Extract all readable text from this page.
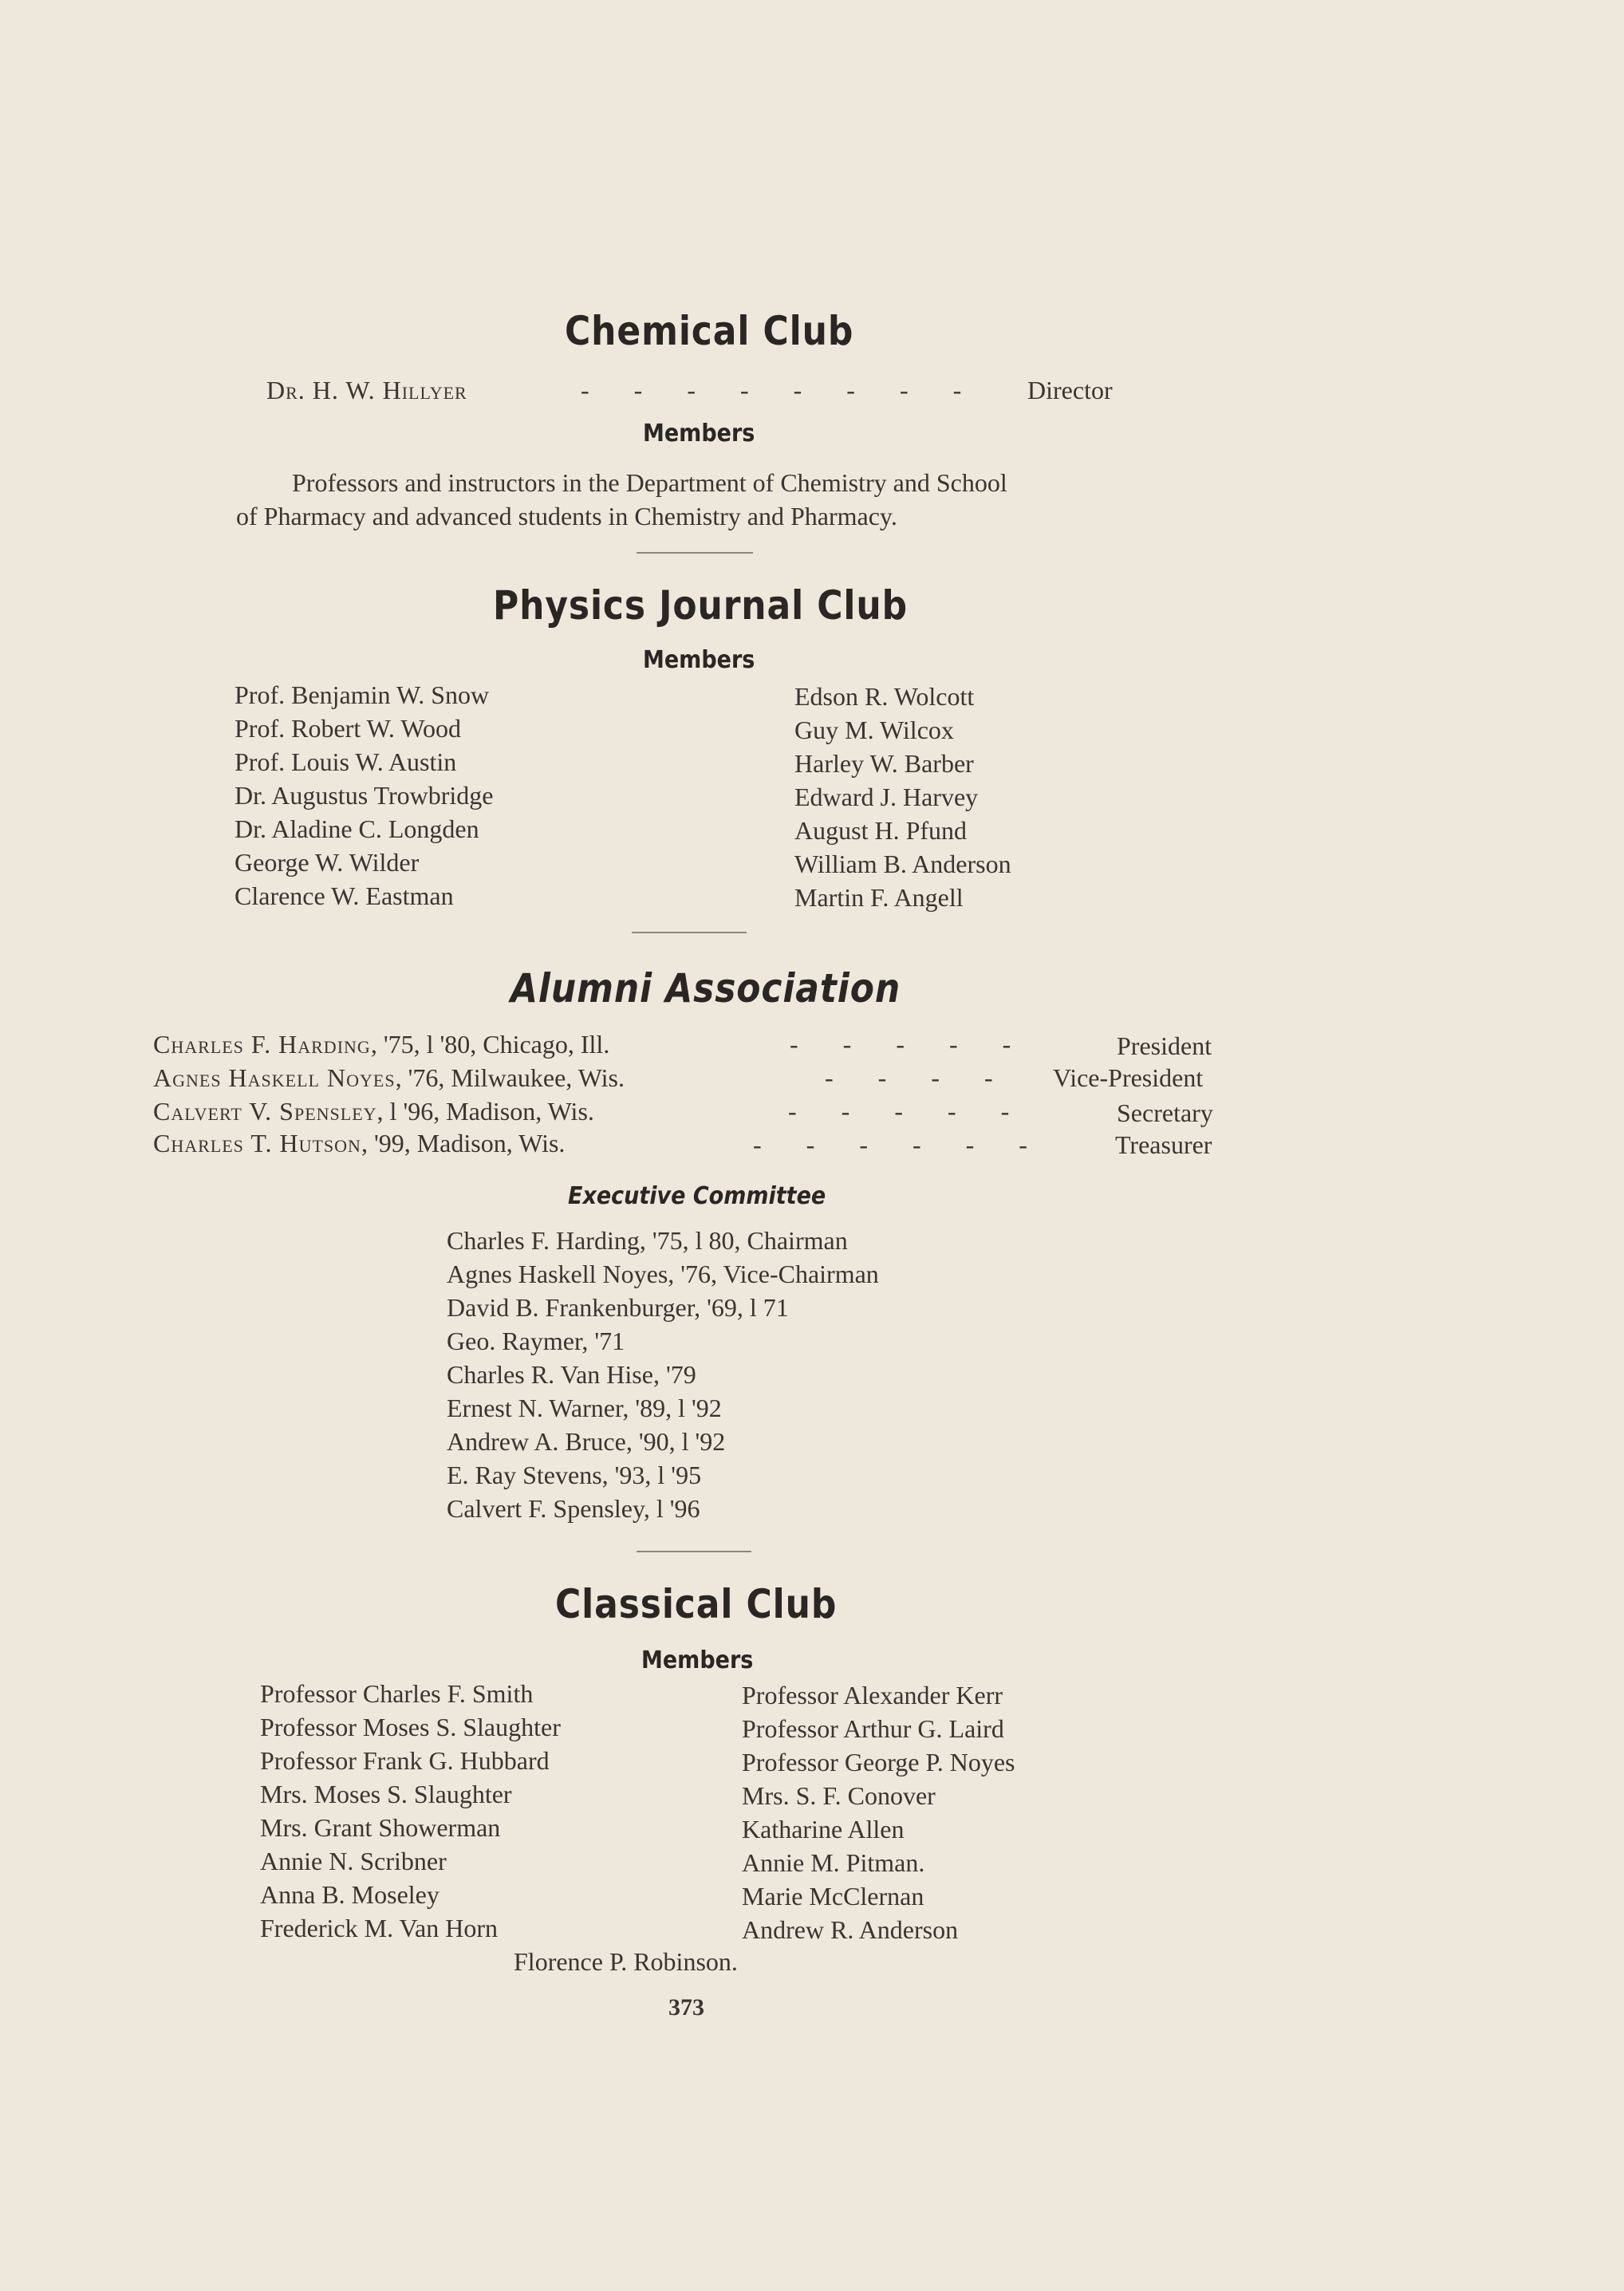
Chemical Club
Dr. H. W. Hillyer	-       -       -       -       -       -       -       -	Director
Members
Professors and instructors in the Department of Chemistry and School
of Pharmacy and advanced students in Chemistry and Pharmacy.
Physics Journal Club
Members
Prof. Benjamin W. Snow
Prof. Robert W. Wood
Prof. Louis W. Austin
Dr. Augustus Trowbridge
Dr. Aladine C. Longden
George W. Wilder
Clarence W. Eastman
Edson R. Wolcott
Guy M. Wilcox
Harley W. Barber
Edward J. Harvey
August H. Pfund
William B. Anderson
Martin F. Angell
Alumni Association
Charles F. Harding, '75, l '80, Chicago, Ill.	-       -       -       -       -	President
Agnes Haskell Noyes, '76, Milwaukee, Wis.	-       -       -       - Vice-President
Calvert V. Spensley, l '96, Madison, Wis.	-       -       -       -       -	Secretary
Charles T. Hutson, '99, Madison, Wis.	-       -       -       -       -       -	Treasurer
Executive Committee
Charles F. Harding, '75, l 80, Chairman
Agnes Haskell Noyes, '76, Vice-Chairman
David B. Frankenburger, '69, l 71
Geo. Raymer, '71
Charles R. Van Hise, '79
Ernest N. Warner, '89, l '92
Andrew A. Bruce, '90, l '92
E. Ray Stevens, '93, l '95
Calvert F. Spensley, l '96
Classical Club
Members
Professor Charles F. Smith
Professor Moses S. Slaughter
Professor Frank G. Hubbard
Mrs. Moses S. Slaughter
Mrs. Grant Showerman
Annie N. Scribner
Anna B. Moseley
Frederick M. Van Horn
Professor Alexander Kerr
Professor Arthur G. Laird
Professor George P. Noyes
Mrs. S. F. Conover
Katharine Allen
Annie M. Pitman.
Marie McClernan
Andrew R. Anderson
Florence P. Robinson.
373
